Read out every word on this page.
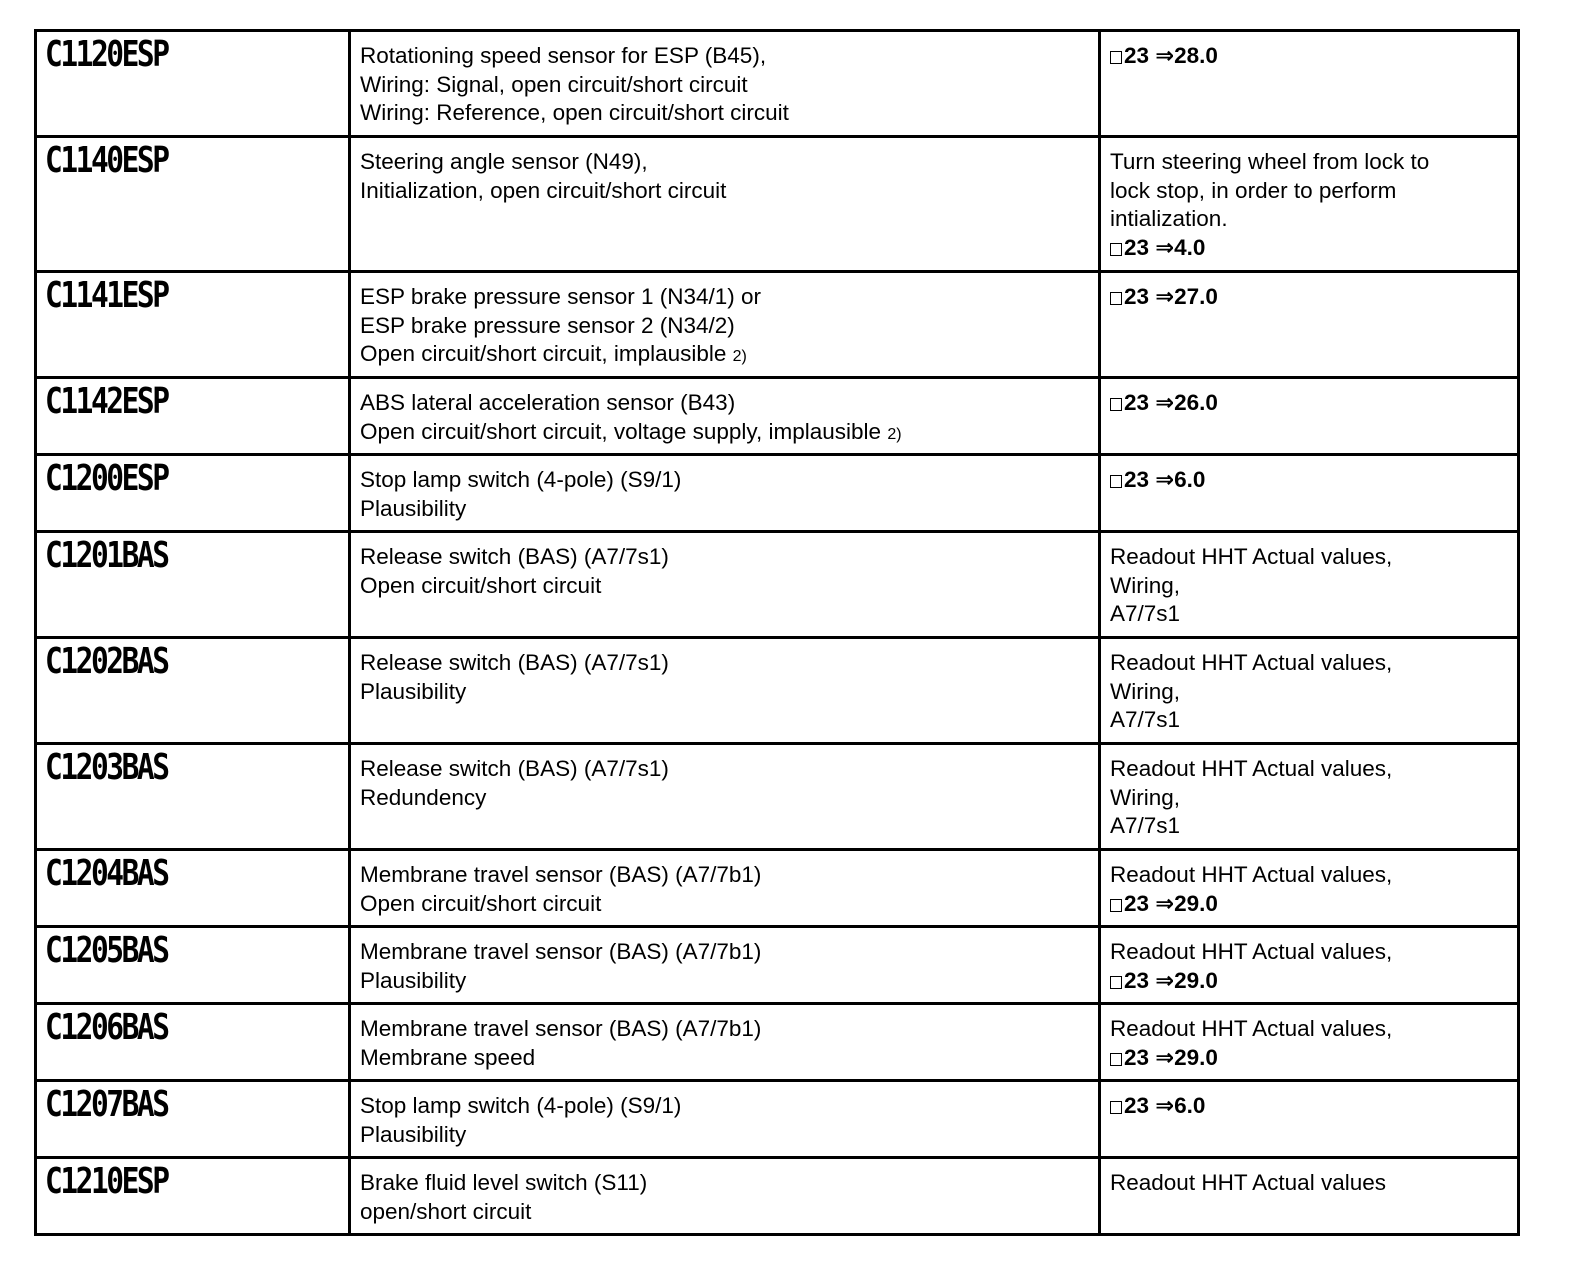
C1120ESP	Rotationing speed sensor for ESP (B45),
Wiring: Signal, open circuit/short circuit
Wiring: Reference, open circuit/short circuit	23 ⇒28.0

C1140ESP	Steering angle sensor (N49),
Initialization, open circuit/short circuit	Turn steering wheel from lock to
lock stop, in order to perform
intialization.
23 ⇒4.0

C1141ESP	ESP brake pressure sensor 1 (N34/1) or
ESP brake pressure sensor 2 (N34/2)
Open circuit/short circuit, implausible 2)	23 ⇒27.0

C1142ESP	ABS lateral acceleration sensor (B43)
Open circuit/short circuit, voltage supply, implausible 2)	23 ⇒26.0

C1200ESP	Stop lamp switch (4-pole) (S9/1)
Plausibility	23 ⇒6.0

C1201BAS	Release switch (BAS) (A7/7s1)
Open circuit/short circuit	Readout HHT Actual values,
Wiring,
A7/7s1

C1202BAS	Release switch (BAS) (A7/7s1)
Plausibility	Readout HHT Actual values,
Wiring,
A7/7s1

C1203BAS	Release switch (BAS) (A7/7s1)
Redundency	Readout HHT Actual values,
Wiring,
A7/7s1

C1204BAS	Membrane travel sensor (BAS) (A7/7b1)
Open circuit/short circuit	Readout HHT Actual values,
23 ⇒29.0

C1205BAS	Membrane travel sensor (BAS) (A7/7b1)
Plausibility	Readout HHT Actual values,
23 ⇒29.0

C1206BAS	Membrane travel sensor (BAS) (A7/7b1)
Membrane speed	Readout HHT Actual values,
23 ⇒29.0

C1207BAS	Stop lamp switch (4-pole) (S9/1)
Plausibility	23 ⇒6.0

C1210ESP	Brake fluid level switch (S11)
open/short circuit	Readout HHT Actual values
